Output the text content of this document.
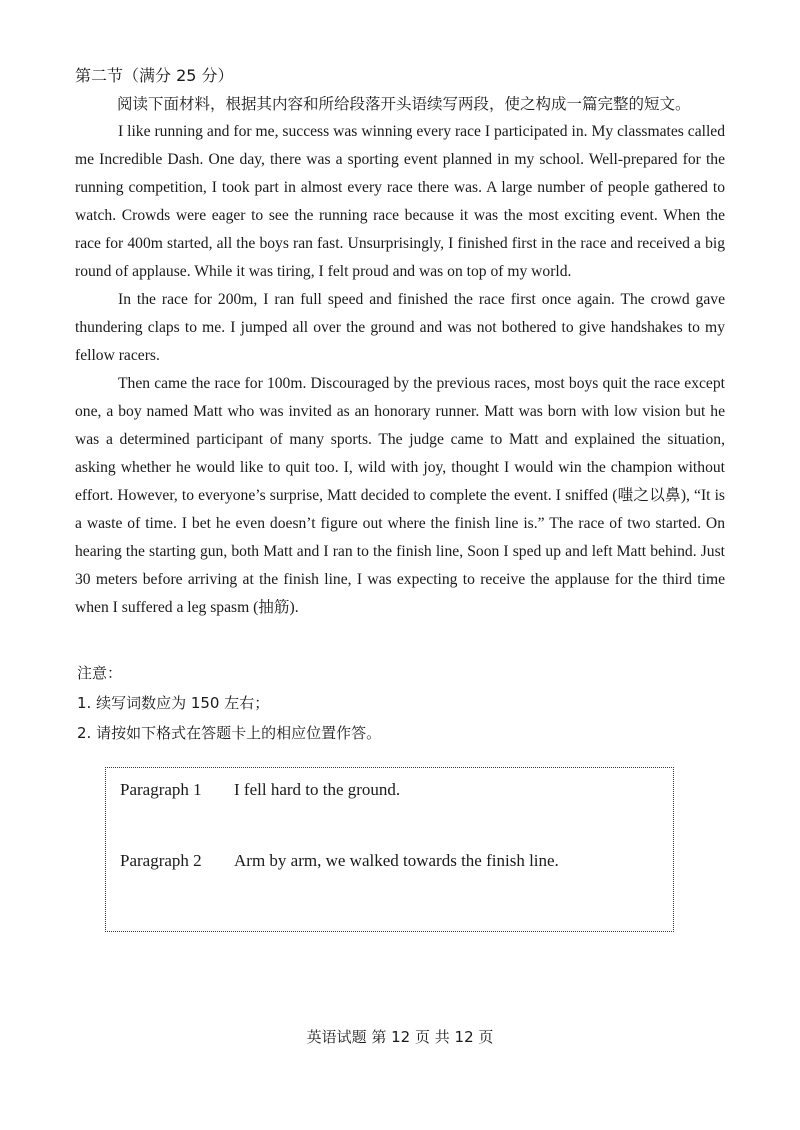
第二节（满分 25 分）
阅读下面材料，根据其内容和所给段落开头语续写两段，使之构成一篇完整的短文。

I like running and for me, success was winning every race I participated in. My classmates called me Incredible Dash. One day, there was a sporting event planned in my school. Well-prepared for the running competition, I took part in almost every race there was. A large number of people gathered to watch. Crowds were eager to see the running race because it was the most exciting event. When the race for 400m started, all the boys ran fast. Unsurprisingly, I finished first in the race and received a big round of applause. While it was tiring, I felt proud and was on top of my world.

In the race for 200m, I ran full speed and finished the race first once again. The crowd gave thundering claps to me. I jumped all over the ground and was not bothered to give handshakes to my fellow racers.

Then came the race for 100m. Discouraged by the previous races, most boys quit the race except one, a boy named Matt who was invited as an honorary runner. Matt was born with low vision but he was a determined participant of many sports. The judge came to Matt and explained the situation, asking whether he would like to quit too. I, wild with joy, thought I would win the champion without effort. However, to everyone’s surprise, Matt decided to complete the event. I sniffed (嗤之以鼻), “It is a waste of time. I bet he even doesn’t figure out where the finish line is.” The race of two started. On hearing the starting gun, both Matt and I ran to the finish line, Soon I sped up and left Matt behind. Just 30 meters before arriving at the finish line, I was expecting to receive the applause for the third time when I suffered a leg spasm (抽筋).

注意：
1. 续写词数应为 150 左右；
2. 请按如下格式在答题卡上的相应位置作答。
Paragraph 1 I fell hard to the ground.
Paragraph 2 Arm by arm, we walked towards the finish line.
英语试题 第 12 页 共 12 页
